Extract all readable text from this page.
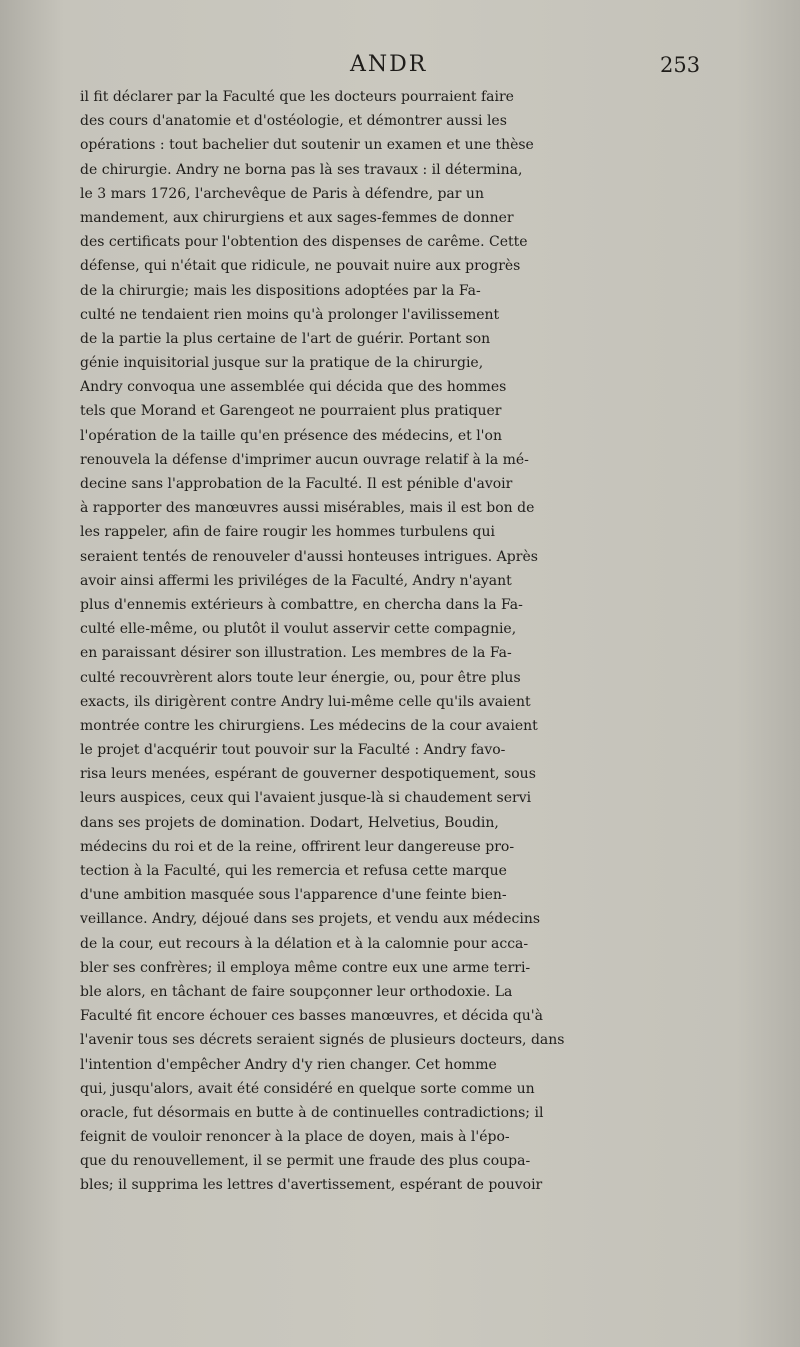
ANDR	253
il fit déclarer par la Faculté que les docteurs pourraient faire
des cours d'anatomie et d'ostéologie, et démontrer aussi les
opérations : tout bachelier dut soutenir un examen et une thèse
de chirurgie. Andry ne borna pas là ses travaux : il détermina,
le 3 mars 1726, l'archevêque de Paris à défendre, par un
mandement, aux chirurgiens et aux sages-femmes de donner
des certificats pour l'obtention des dispenses de carême. Cette
défense, qui n'était que ridicule, ne pouvait nuire aux progrès
de la chirurgie; mais les dispositions adoptées par la Fa-
culté ne tendaient rien moins qu'à prolonger l'avilissement
de la partie la plus certaine de l'art de guérir. Portant son
génie inquisitorial jusque sur la pratique de la chirurgie,
Andry convoqua une assemblée qui décida que des hommes
tels que Morand et Garengeot ne pourraient plus pratiquer
l'opération de la taille qu'en présence des médecins, et l'on
renouvela la défense d'imprimer aucun ouvrage relatif à la mé-
decine sans l'approbation de la Faculté. Il est pénible d'avoir
à rapporter des manœuvres aussi misérables, mais il est bon de
les rappeler, afin de faire rougir les hommes turbulens qui
seraient tentés de renouveler d'aussi honteuses intrigues. Après
avoir ainsi affermi les priviléges de la Faculté, Andry n'ayant
plus d'ennemis extérieurs à combattre, en chercha dans la Fa-
culté elle-même, ou plutôt il voulut asservir cette compagnie,
en paraissant désirer son illustration. Les membres de la Fa-
culté recouvrèrent alors toute leur énergie, ou, pour être plus
exacts, ils dirigèrent contre Andry lui-même celle qu'ils avaient
montrée contre les chirurgiens. Les médecins de la cour avaient
le projet d'acquérir tout pouvoir sur la Faculté : Andry favo-
risa leurs menées, espérant de gouverner despotiquement, sous
leurs auspices, ceux qui l'avaient jusque-là si chaudement servi
dans ses projets de domination. Dodart, Helvetius, Boudin,
médecins du roi et de la reine, offrirent leur dangereuse pro-
tection à la Faculté, qui les remercia et refusa cette marque
d'une ambition masquée sous l'apparence d'une feinte bien-
veillance. Andry, déjoué dans ses projets, et vendu aux médecins
de la cour, eut recours à la délation et à la calomnie pour acca-
bler ses confrères; il employa même contre eux une arme terri-
ble alors, en tâchant de faire soupçonner leur orthodoxie. La
Faculté fit encore échouer ces basses manœuvres, et décida qu'à
l'avenir tous ses décrets seraient signés de plusieurs docteurs, dans
l'intention d'empêcher Andry d'y rien changer. Cet homme
qui, jusqu'alors, avait été considéré en quelque sorte comme un
oracle, fut désormais en butte à de continuelles contradictions; il
feignit de vouloir renoncer à la place de doyen, mais à l'épo-
que du renouvellement, il se permit une fraude des plus coupa-
bles; il supprima les lettres d'avertissement, espérant de pouvoir
